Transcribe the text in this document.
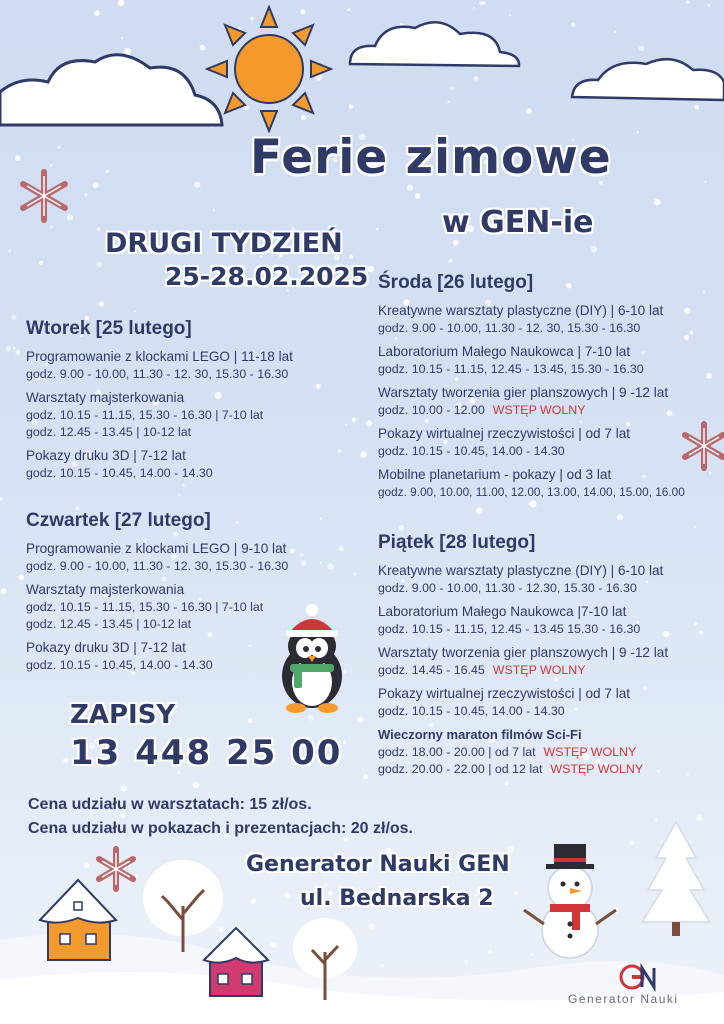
Ferie zimowe
w GEN-ie
DRUGI TYDZIEŃ
25-28.02.2025
Wtorek [25 lutego]
Programowanie z klockami LEGO | 11-18 lat
godz. 9.00 - 10.00, 11.30 - 12. 30, 15.30 - 16.30
Warsztaty majsterkowania
godz. 10.15 - 11.15, 15.30 - 16.30 | 7-10 lat
godz. 12.45 - 13.45 | 10-12 lat
Pokazy druku 3D | 7-12 lat
godz. 10.15 - 10.45, 14.00 - 14.30
Czwartek [27 lutego]
Programowanie z klockami LEGO | 9-10 lat
godz. 9.00 - 10.00, 11.30 - 12. 30, 15.30 - 16.30
Warsztaty majsterkowania
godz. 10.15 - 11.15, 15.30 - 16.30 | 7-10 lat
godz. 12.45 - 13.45 | 10-12 lat
Pokazy druku 3D | 7-12 lat
godz. 10.15 - 10.45, 14.00 - 14.30
Środa [26 lutego]
Kreatywne warsztaty plastyczne (DIY) | 6-10 lat
godz. 9.00 - 10.00, 11.30 - 12. 30, 15.30 - 16.30
Laboratorium Małego Naukowca | 7-10 lat
godz. 10.15 - 11.15, 12.45 - 13.45, 15.30 - 16.30
Warsztaty tworzenia gier planszowych | 9 -12 lat
godz. 10.00 - 12.00 WSTĘP WOLNY
Pokazy wirtualnej rzeczywistości | od 7 lat
godz. 10.15 - 10.45, 14.00 - 14.30
Mobilne planetarium - pokazy | od 3 lat
godz. 9.00, 10.00, 11.00, 12.00, 13.00, 14.00, 15.00, 16.00
Piątek [28 lutego]
Kreatywne warsztaty plastyczne (DIY) | 6-10 lat
godz. 9.00 - 10.00, 11.30 - 12.30, 15.30 - 16.30
Laboratorium Małego Naukowca |7-10 lat
godz. 10.15 - 11.15, 12.45 - 13.45 15.30 - 16.30
Warsztaty tworzenia gier planszowych | 9 -12 lat
godz. 14.45 - 16.45 WSTĘP WOLNY
Pokazy wirtualnej rzeczywistości | od 7 lat
godz. 10.15 - 10.45, 14.00 - 14.30
Wieczorny maraton filmów Sci-Fi
godz. 18.00 - 20.00 | od 7 lat WSTĘP WOLNY
godz. 20.00 - 22.00 | od 12 lat WSTĘP WOLNY
ZAPISY
13 448 25 00
Cena udziału w warsztatach: 15 zł/os.
Cena udziału w pokazach i prezentacjach: 20 zł/os.
Generator Nauki GEN
ul. Bednarska 2
Generator Nauki
